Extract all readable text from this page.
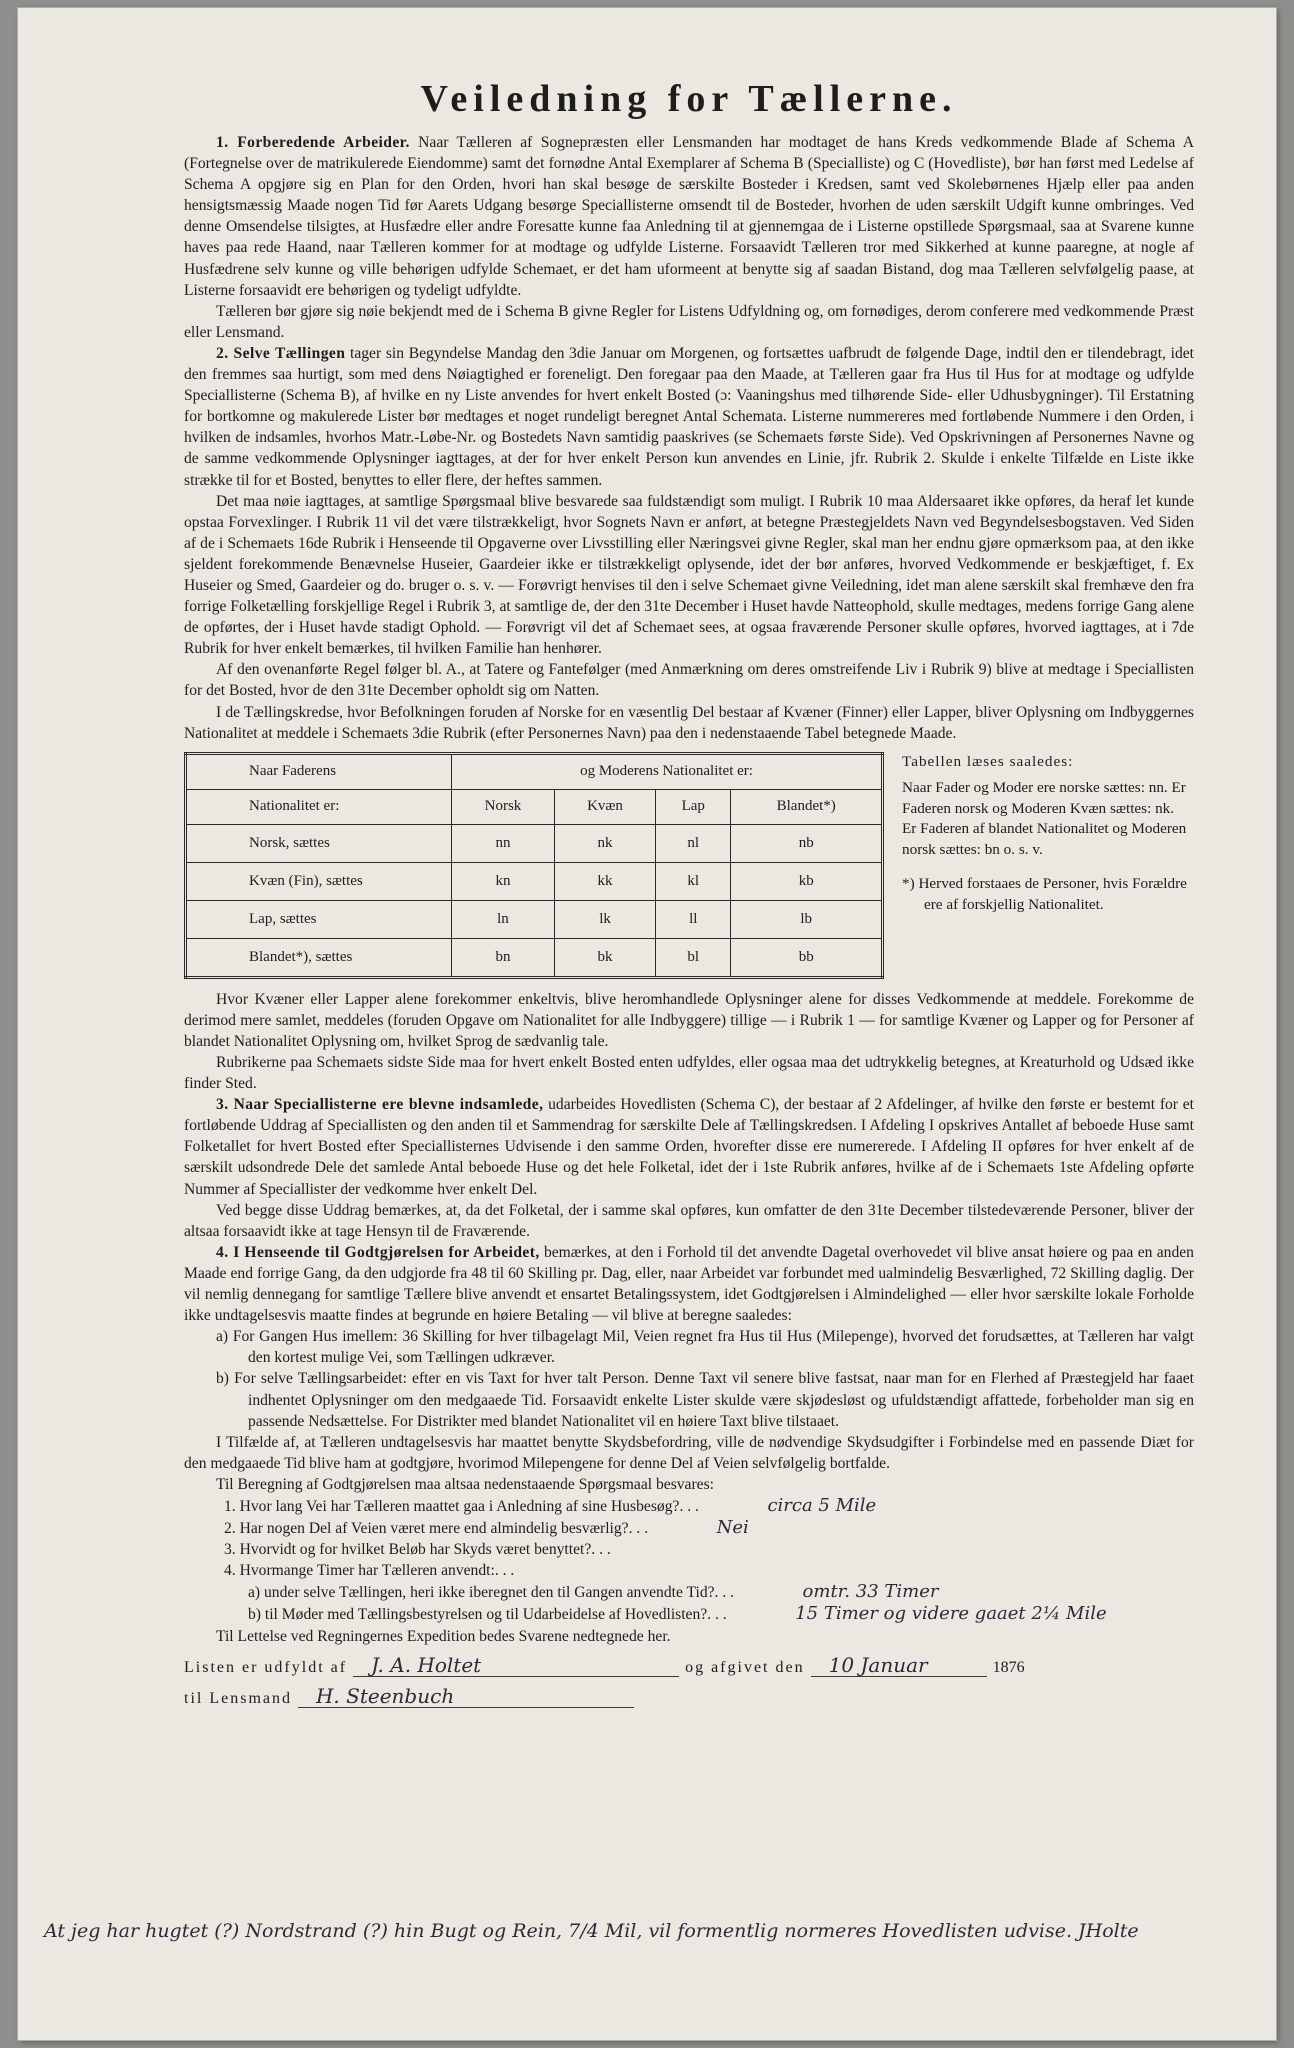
Veiledning for Tællerne.

1. Forberedende Arbeider. Naar Tælleren af Sognepræsten eller Lensmanden har modtaget de hans Kreds vedkommende Blade af Schema A (Fortegnelse over de matrikulerede Eiendomme) samt det fornødne Antal Exemplarer af Schema B (Specialliste) og C (Hovedliste), bør han først med Ledelse af Schema A opgjøre sig en Plan for den Orden, hvori han skal besøge de særskilte Bosteder i Kredsen, samt ved Skolebørnenes Hjælp eller paa anden hensigtsmæssig Maade nogen Tid før Aarets Udgang besørge Speciallisterne omsendt til de Bosteder, hvorhen de uden særskilt Udgift kunne ombringes. Ved denne Omsendelse tilsigtes, at Husfædre eller andre Foresatte kunne faa Anledning til at gjennemgaa de i Listerne opstillede Spørgsmaal, saa at Svarene kunne haves paa rede Haand, naar Tælleren kommer for at modtage og udfylde Listerne. Forsaavidt Tælleren tror med Sikkerhed at kunne paaregne, at nogle af Husfædrene selv kunne og ville behørigen udfylde Schemaet, er det ham uformeent at benytte sig af saadan Bistand, dog maa Tælleren selvfølgelig paase, at Listerne forsaavidt ere behørigen og tydeligt udfyldte.

Tælleren bør gjøre sig nøie bekjendt med de i Schema B givne Regler for Listens Udfyldning og, om fornødiges, derom conferere med vedkommende Præst eller Lensmand.

2. Selve Tællingen tager sin Begyndelse Mandag den 3die Januar om Morgenen, og fortsættes uafbrudt de følgende Dage, indtil den er tilendebragt, idet den fremmes saa hurtigt, som med dens Nøiagtighed er foreneligt. Den foregaar paa den Maade, at Tælleren gaar fra Hus til Hus for at modtage og udfylde Speciallisterne (Schema B), af hvilke en ny Liste anvendes for hvert enkelt Bosted (ɔ: Vaaningshus med tilhørende Side- eller Udhusbygninger). Til Erstatning for bortkomne og makulerede Lister bør medtages et noget rundeligt beregnet Antal Schemata. Listerne nummereres med fortløbende Nummere i den Orden, i hvilken de indsamles, hvorhos Matr.-Løbe-Nr. og Bostedets Navn samtidig paaskrives (se Schemaets første Side). Ved Opskrivningen af Personernes Navne og de samme vedkommende Oplysninger iagttages, at der for hver enkelt Person kun anvendes en Linie, jfr. Rubrik 2. Skulde i enkelte Tilfælde en Liste ikke strække til for et Bosted, benyttes to eller flere, der heftes sammen.

Det maa nøie iagttages, at samtlige Spørgsmaal blive besvarede saa fuldstændigt som muligt. I Rubrik 10 maa Aldersaaret ikke opføres, da heraf let kunde opstaa Forvexlinger. I Rubrik 11 vil det være tilstrækkeligt, hvor Sognets Navn er anført, at betegne Præstegjeldets Navn ved Begyndelsesbogstaven. Ved Siden af de i Schemaets 16de Rubrik i Henseende til Opgaverne over Livsstilling eller Næringsvei givne Regler, skal man her endnu gjøre opmærksom paa, at den ikke sjeldent forekommende Benævnelse Huseier, Gaardeier ikke er tilstrækkeligt oplysende, idet der bør anføres, hvorved Vedkommende er beskjæftiget, f. Ex Huseier og Smed, Gaardeier og do. bruger o. s. v. — Forøvrigt henvises til den i selve Schemaet givne Veiledning, idet man alene særskilt skal fremhæve den fra forrige Folketælling forskjellige Regel i Rubrik 3, at samtlige de, der den 31te December i Huset havde Natteophold, skulle medtages, medens forrige Gang alene de opførtes, der i Huset havde stadigt Ophold. — Forøvrigt vil det af Schemaet sees, at ogsaa fraværende Personer skulle opføres, hvorved iagttages, at i 7de Rubrik for hver enkelt bemærkes, til hvilken Familie han henhører.

Af den ovenanførte Regel følger bl. A., at Tatere og Fantefølger (med Anmærkning om deres omstreifende Liv i Rubrik 9) blive at medtage i Speciallisten for det Bosted, hvor de den 31te December opholdt sig om Natten.

I de Tællingskredse, hvor Befolkningen foruden af Norske for en væsentlig Del bestaar af Kvæner (Finner) eller Lapper, bliver Oplysning om Indbyggernes Nationalitet at meddele i Schemaets 3die Rubrik (efter Personernes Navn) paa den i nedenstaaende Tabel betegnede Maade.

Naar Faderens	og Moderens Nationalitet er:			
Nationalitet er:	Norsk	Kvæn	Lap	Blandet*)
Norsk, sættes	nn	nk	nl	nb
Kvæn (Fin), sættes	kn	kk	kl	kb
Lap, sættes	ln	lk	ll	lb
Blandet*), sættes	bn	bk	bl	bb
Tabellen læses saaledes:
Naar Fader og Moder ere norske sættes: nn. Er Faderen norsk og Moderen Kvæn sættes: nk. Er Faderen af blandet Nationalitet og Moderen norsk sættes: bn o. s. v.
*) Herved forstaaes de Personer, hvis Forældre ere af forskjellig Nationalitet.

Hvor Kvæner eller Lapper alene forekommer enkeltvis, blive heromhandlede Oplysninger alene for disses Vedkommende at meddele. Forekomme de derimod mere samlet, meddeles (foruden Opgave om Nationalitet for alle Indbyggere) tillige — i Rubrik 1 — for samtlige Kvæner og Lapper og for Personer af blandet Nationalitet Oplysning om, hvilket Sprog de sædvanlig tale.

Rubrikerne paa Schemaets sidste Side maa for hvert enkelt Bosted enten udfyldes, eller ogsaa maa det udtrykkelig betegnes, at Kreaturhold og Udsæd ikke finder Sted.

3. Naar Speciallisterne ere blevne indsamlede, udarbeides Hovedlisten (Schema C), der bestaar af 2 Afdelinger, af hvilke den første er bestemt for et fortløbende Uddrag af Speciallisten og den anden til et Sammendrag for særskilte Dele af Tællingskredsen. I Afdeling I opskrives Antallet af beboede Huse samt Folketallet for hvert Bosted efter Speciallisternes Udvisende i den samme Orden, hvorefter disse ere numererede. I Afdeling II opføres for hver enkelt af de særskilt udsondrede Dele det samlede Antal beboede Huse og det hele Folketal, idet der i 1ste Rubrik anføres, hvilke af de i Schemaets 1ste Afdeling opførte Nummer af Speciallister der vedkomme hver enkelt Del.

Ved begge disse Uddrag bemærkes, at, da det Folketal, der i samme skal opføres, kun omfatter de den 31te December tilstedeværende Personer, bliver der altsaa forsaavidt ikke at tage Hensyn til de Fraværende.

4. I Henseende til Godtgjørelsen for Arbeidet, bemærkes, at den i Forhold til det anvendte Dagetal overhovedet vil blive ansat høiere og paa en anden Maade end forrige Gang, da den udgjorde fra 48 til 60 Skilling pr. Dag, eller, naar Arbeidet var forbundet med ualmindelig Besværlighed, 72 Skilling daglig. Der vil nemlig dennegang for samtlige Tællere blive anvendt et ensartet Betalingssystem, idet Godtgjørelsen i Almindelighed — eller hvor særskilte lokale Forholde ikke undtagelsesvis maatte findes at begrunde en høiere Betaling — vil blive at beregne saaledes:

a) For Gangen Hus imellem: 36 Skilling for hver tilbagelagt Mil, Veien regnet fra Hus til Hus (Milepenge), hvorved det forudsættes, at Tælleren har valgt den kortest mulige Vei, som Tællingen udkræver.

b) For selve Tællingsarbeidet: efter en vis Taxt for hver talt Person. Denne Taxt vil senere blive fastsat, naar man for en Flerhed af Præstegjeld har faaet indhentet Oplysninger om den medgaaede Tid. Forsaavidt enkelte Lister skulde være skjødesløst og ufuldstændigt affattede, forbeholder man sig en passende Nedsættelse. For Distrikter med blandet Nationalitet vil en høiere Taxt blive tilstaaet.

I Tilfælde af, at Tælleren undtagelsesvis har maattet benytte Skydsbefordring, ville de nødvendige Skydsudgifter i Forbindelse med en passende Diæt for den medgaaede Tid blive ham at godtgjøre, hvorimod Milepengene for denne Del af Veien selvfølgelig bortfalde.

Til Beregning af Godtgjørelsen maa altsaa nedenstaaende Spørgsmaal besvares:

1. Hvor lang Vei har Tælleren maattet gaa i Anledning af sine Husbesøg? . . .	circa 5 Mile
2. Har nogen Del af Veien været mere end almindelig besværlig? . . .	Nei
3. Hvorvidt og for hvilket Beløb har Skyds været benyttet? . . .
4. Hvormange Timer har Tælleren anvendt: . . .
a) under selve Tællingen, heri ikke iberegnet den til Gangen anvendte Tid? . . .	omtr. 33 Timer
b) til Møder med Tællingsbestyrelsen og til Udarbeidelse af Hovedlisten? . . .	15 Timer og videre gaaet 2¼ Mile

Til Lettelse ved Regningernes Expedition bedes Svarene nedtegnede her.

Listen er udfyldt af	J. A. Holtet	og afgivet den	10 Januar	1876
til Lensmand	H. Steenbuch
At jeg har hugtet (?) Nordstrand (?) hin Bugt og Rein, 7/4 Mil, vil formentlig normeres Hovedlisten udvise. JHolte
